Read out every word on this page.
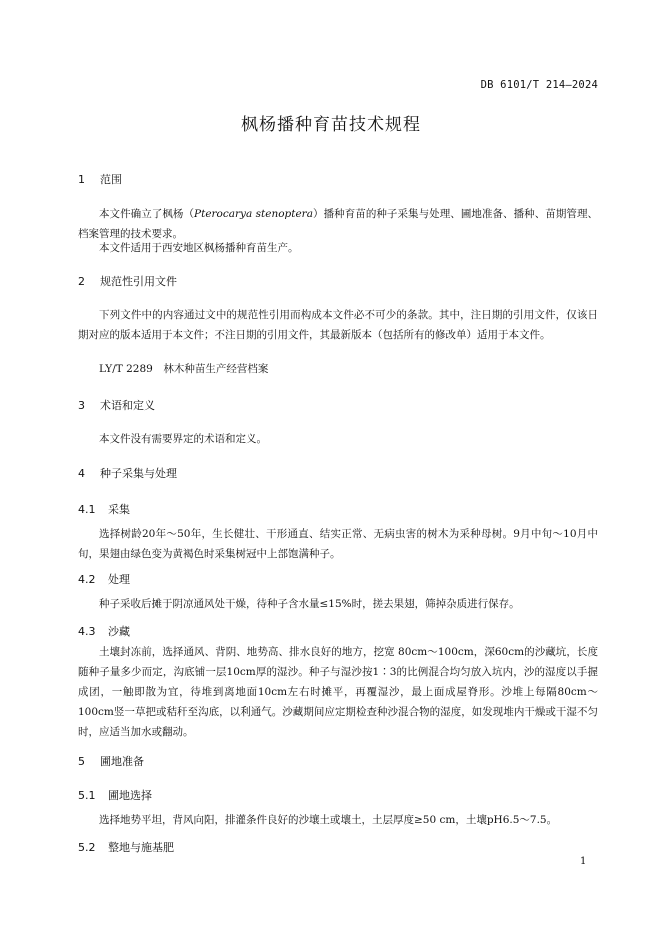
DB 6101/T 214—2024
枫杨播种育苗技术规程
1 范围
本文件确立了枫杨（Pterocarya stenoptera）播种育苗的种子采集与处理、圃地准备、播种、苗期管理、档案管理的技术要求。
本文件适用于西安地区枫杨播种育苗生产。
2 规范性引用文件
下列文件中的内容通过文中的规范性引用而构成本文件必不可少的条款。其中，注日期的引用文件，仅该日期对应的版本适用于本文件；不注日期的引用文件，其最新版本（包括所有的修改单）适用于本文件。
LY/T 2289　林木种苗生产经营档案
3 术语和定义
本文件没有需要界定的术语和定义。
4 种子采集与处理
4.1 采集
选择树龄20年～50年，生长健壮、干形通直、结实正常、无病虫害的树木为采种母树。9月中旬～10月中旬，果翅由绿色变为黄褐色时采集树冠中上部饱满种子。
4.2 处理
种子采收后摊于阴凉通风处干燥，待种子含水量≤15%时，搓去果翅，筛掉杂质进行保存。
4.3 沙藏
土壤封冻前，选择通风、背阴、地势高、排水良好的地方，挖宽 80cm～100cm，深60cm的沙藏坑，长度随种子量多少而定，沟底铺一层10cm厚的湿沙。种子与湿沙按1∶3的比例混合均匀放入坑内，沙的湿度以手握成团，一触即散为宜，待堆到离地面10cm左右时摊平，再覆湿沙，最上面成屋脊形。沙堆上每隔80cm～100cm竖一草把或秸秆至沟底，以利通气。沙藏期间应定期检查种沙混合物的湿度，如发现堆内干燥或干湿不匀时，应适当加水或翻动。
5 圃地准备
5.1 圃地选择
选择地势平坦，背风向阳，排灌条件良好的沙壤土或壤土，土层厚度≥50 cm，土壤pH6.5～7.5。
5.2 整地与施基肥
1
